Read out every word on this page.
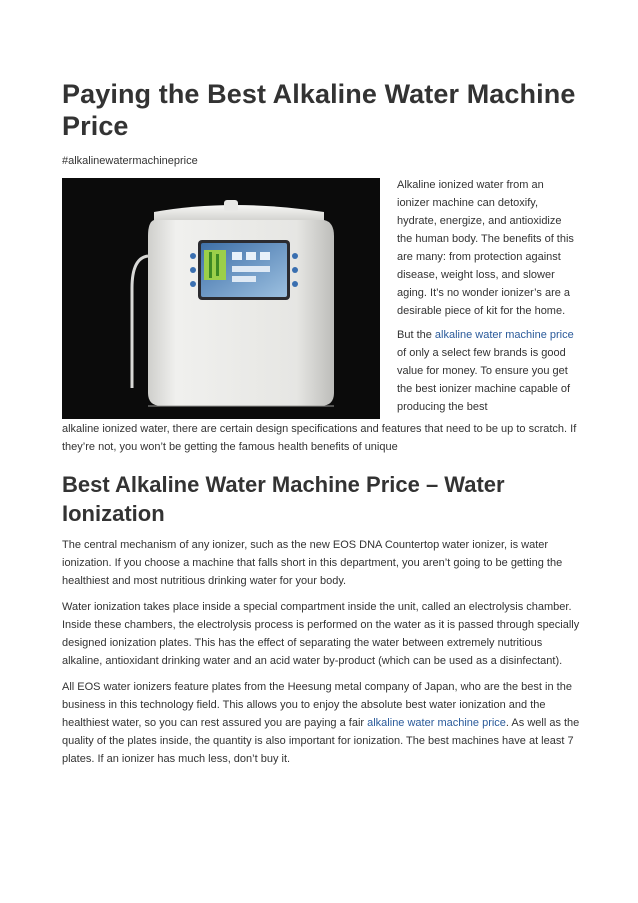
Paying the Best Alkaline Water Machine Price
#alkalinewatermachineprice

Alkaline ionized water from an ionizer machine can detoxify, hydrate, energize, and antioxidize the human body. The benefits of this are many: from protection against disease, weight loss, and slower aging. It’s no wonder ionizer’s are a desirable piece of kit for the home.

But the alkaline water machine price of only a select few brands is good value for money. To ensure you get the best ionizer machine capable of producing the best

alkaline ionized water, there are certain design specifications and features that need to be up to scratch. If they’re not, you won’t be getting the famous health benefits of unique

Best Alkaline Water Machine Price – Water Ionization

The central mechanism of any ionizer, such as the new EOS DNA Countertop water ionizer, is water ionization. If you choose a machine that falls short in this department, you aren’t going to be getting the healthiest and most nutritious drinking water for your body.

Water ionization takes place inside a special compartment inside the unit, called an electrolysis chamber. Inside these chambers, the electrolysis process is performed on the water as it is passed through specially designed ionization plates. This has the effect of separating the water between extremely nutritious alkaline, antioxidant drinking water and an acid water by-product (which can be used as a disinfectant).

All EOS water ionizers feature plates from the Heesung metal company of Japan, who are the best in the business in this technology field. This allows you to enjoy the absolute best water ionization and the healthiest water, so you can rest assured you are paying a fair alkaline water machine price. As well as the quality of the plates inside, the quantity is also important for ionization. The best machines have at least 7 plates. If an ionizer has much less, don’t buy it.
